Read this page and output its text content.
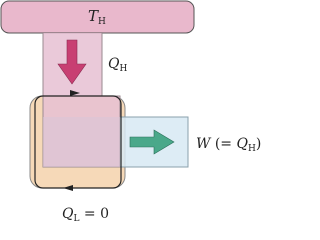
$T_H$
$Q_H$
W (= $Q_H$)
$Q_L = 0$
